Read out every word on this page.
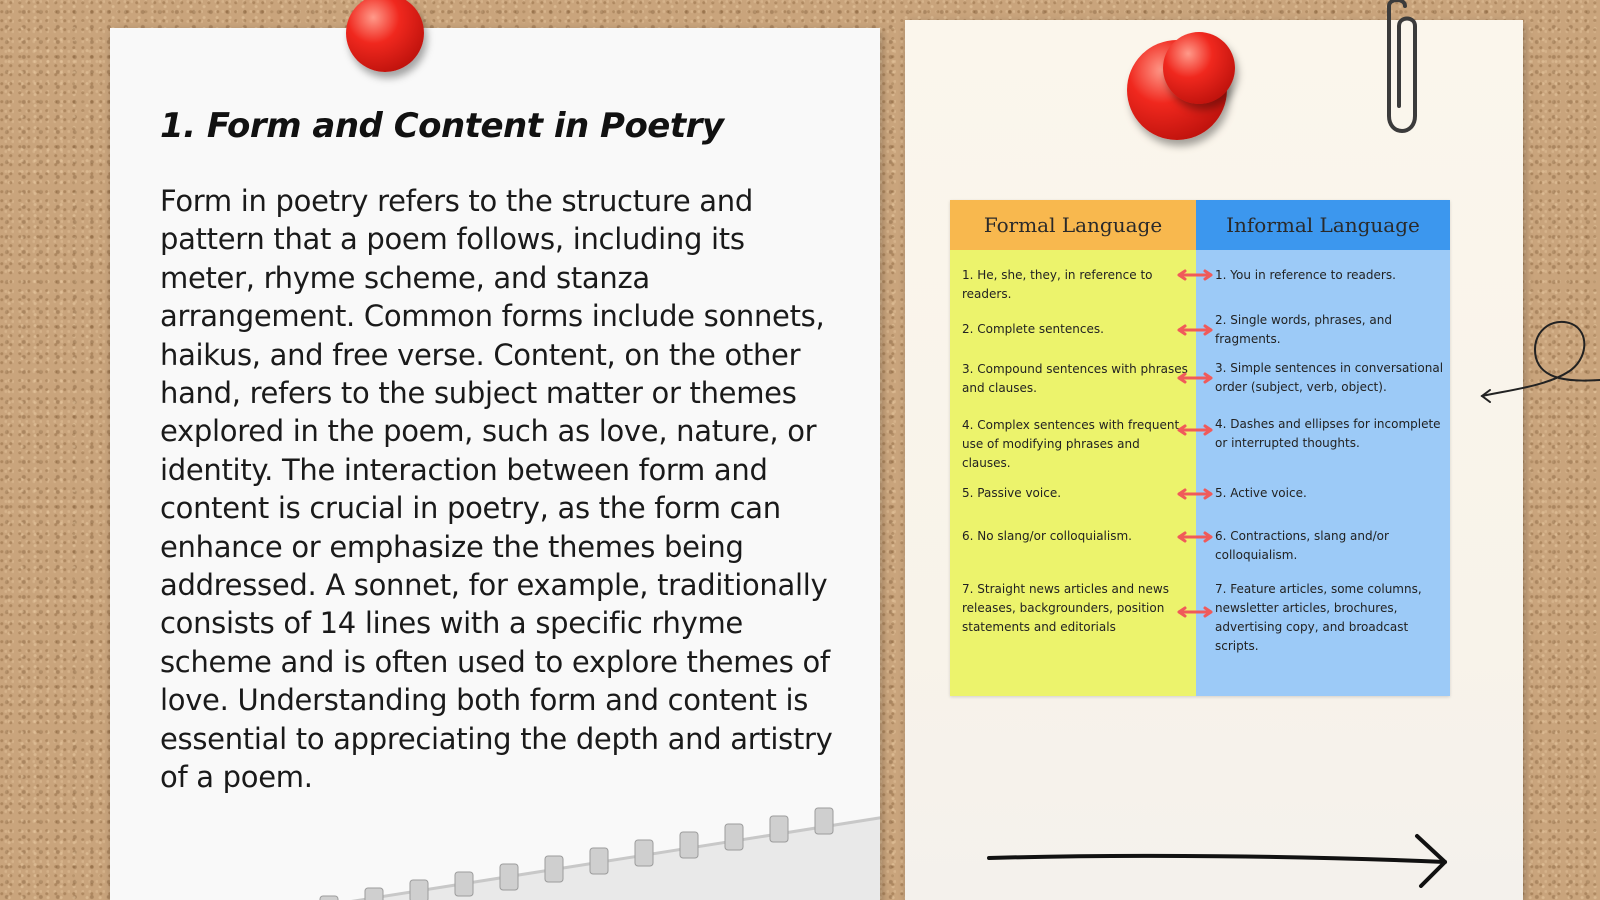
1. Form and Content in Poetry
Form in poetry refers to the structure and pattern that a poem follows, including its meter, rhyme scheme, and stanza arrangement. Common forms include sonnets, haikus, and free verse. Content, on the other hand, refers to the subject matter or themes explored in the poem, such as love, nature, or identity. The interaction between form and content is crucial in poetry, as the form can enhance or emphasize the themes being addressed. A sonnet, for example, traditionally consists of 14 lines with a specific rhyme scheme and is often used to explore themes of love. Understanding both form and content is essential to appreciating the depth and artistry of a poem.
Formal Language
1. He, she, they, in reference to readers.
2. Complete sentences.
3. Compound sentences with phrases and clauses.
4. Complex sentences with frequent use of modifying phrases and clauses.
5. Passive voice.
6. No slang/or colloquialism.
7. Straight news articles and news releases, backgrounders, position statements and editorials
Informal Language
1. You in reference to readers.
2. Single words, phrases, and fragments.
3. Simple sentences in conversational order (subject, verb, object).
4. Dashes and ellipses for incomplete or interrupted thoughts.
5. Active voice.
6. Contractions, slang and/or colloquialism.
7. Feature articles, some columns, newsletter articles, brochures, advertising copy, and broadcast scripts.
